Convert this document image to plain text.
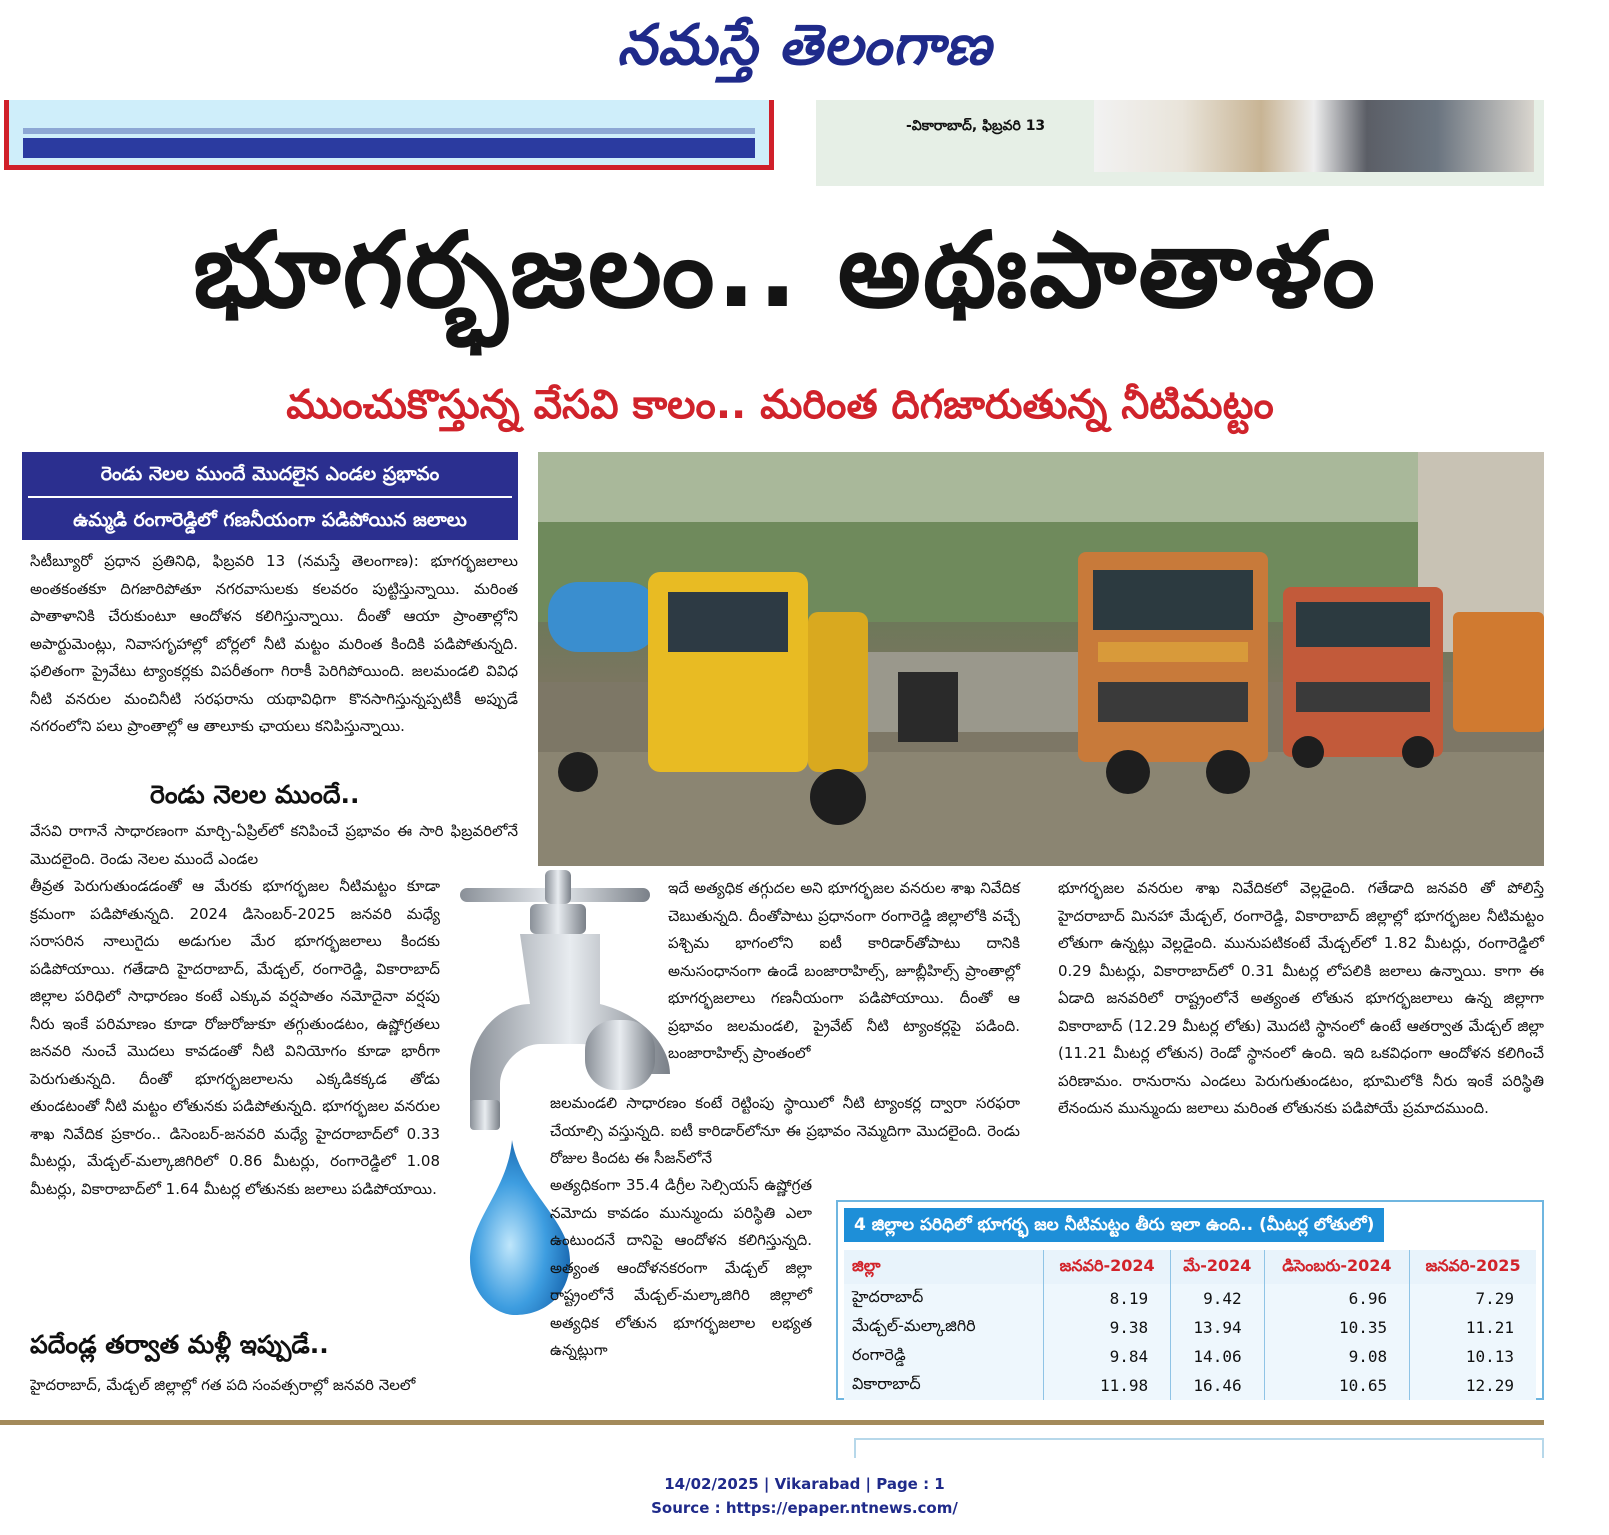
నమస్తే తెలంగాణ
-వికారాబాద్, ఫిబ్రవరి 13
భూగర్భజలం.. అథఃపాతాళం
ముంచుకొస్తున్న వేసవి కాలం.. మరింత దిగజారుతున్న నీటిమట్టం
రెండు నెలల ముందే మొదలైన ఎండల ప్రభావం
ఉమ్మడి రంగారెడ్డిలో గణనీయంగా పడిపోయిన జలాలు
సిటీబ్యూరో ప్రధాన ప్రతినిధి, ఫిబ్రవరి 13 (నమస్తే తెలంగాణ): భూగర్భజలాలు అంతకంతకూ దిగజారిపోతూ నగరవాసులకు కలవరం పుట్టిస్తున్నాయి. మరింత పాతాళానికి చేరుకుంటూ ఆందోళన కలిగిస్తున్నాయి. దీంతో ఆయా ప్రాంతాల్లోని అపార్టుమెంట్లు, నివాసగృహాల్లో బోర్లలో నీటి మట్టం మరింత కిందికి పడిపోతున్నది. ఫలితంగా ప్రైవేటు ట్యాంకర్లకు విపరీతంగా గిరాకీ పెరిగిపోయింది. జలమండలి వివిధ నీటి వనరుల మంచినీటి సరఫరాను యథావిధిగా కొనసాగిస్తున్నప్పటికీ అప్పుడే నగరంలోని పలు ప్రాంతాల్లో ఆ తాలూకు ఛాయలు కనిపిస్తున్నాయి.
రెండు నెలల ముందే..
వేసవి రాగానే సాధారణంగా మార్చి-ఏప్రిల్‌లో కనిపించే ప్రభావం ఈ సారి ఫిబ్రవరిలోనే మొదలైంది. రెండు నెలల ముందే ఎండల
తీవ్రత పెరుగుతుండడంతో ఆ మేరకు భూగర్భజల నీటిమట్టం కూడా క్రమంగా పడిపోతున్నది. 2024 డిసెంబర్-2025 జనవరి మధ్యే సరాసరిన నాలుగైదు అడుగుల మేర భూగర్భజలాలు కిందకు పడిపోయాయి. గతేడాది హైదరాబాద్, మేడ్చల్, రంగారెడ్డి, వికారాబాద్ జిల్లాల పరిధిలో సాధారణం కంటే ఎక్కువ వర్షపాతం నమోదైనా వర్షపు నీరు ఇంకే పరిమాణం కూడా రోజురోజుకూ తగ్గుతుండటం, ఉష్ణోగ్రతలు జనవరి నుంచే మొదలు కావడంతో నీటి వినియోగం కూడా భారీగా పెరుగుతున్నది. దీంతో భూగర్భజలాలను ఎక్కడికక్కడ తోడు తుండటంతో నీటి మట్టం లోతునకు పడిపోతున్నది. భూగర్భజల వనరుల శాఖ నివేదిక ప్రకారం.. డిసెంబర్-జనవరి మధ్యే హైదరాబాద్‌లో 0.33 మీటర్లు, మేడ్చల్-మల్కాజిగిరిలో 0.86 మీటర్లు, రంగారెడ్డిలో 1.08 మీటర్లు, వికారాబాద్‌లో 1.64 మీటర్ల లోతునకు జలాలు పడిపోయాయి.
పదేండ్ల తర్వాత మళ్లీ ఇప్పుడే..
హైదరాబాద్, మేడ్చల్ జిల్లాల్లో గత పది సంవత్సరాల్లో జనవరి నెలలో
ఇదే అత్యధిక తగ్గుదల అని భూగర్భజల వనరుల శాఖ నివేదిక చెబుతున్నది. దీంతోపాటు ప్రధానంగా రంగారెడ్డి జిల్లాలోకి వచ్చే పశ్చిమ భాగంలోని ఐటీ కారిడార్‌తోపాటు దానికి అనుసంధానంగా ఉండే బంజారాహిల్స్, జూబ్లీహిల్స్ ప్రాంతాల్లో భూగర్భజలాలు గణనీయంగా పడిపోయాయి. దీంతో ఆ ప్రభావం జలమండలి, ప్రైవేట్ నీటి ట్యాంకర్లపై పడింది. బంజారాహిల్స్ ప్రాంతంలో
జలమండలి సాధారణం కంటే రెట్టింపు స్థాయిలో నీటి ట్యాంకర్ల ద్వారా సరఫరా చేయాల్సి వస్తున్నది. ఐటీ కారిడార్‌లోనూ ఈ ప్రభావం నెమ్మదిగా మొదలైంది. రెండు రోజుల కిందట ఈ సీజన్‌లోనే
అత్యధికంగా 35.4 డిగ్రీల సెల్సియస్ ఉష్ణోగ్రత నమోదు కావడం మున్ముందు పరిస్థితి ఎలా ఉంటుందనే దానిపై ఆందోళన కలిగిస్తున్నది. అత్యంత ఆందోళనకరంగా మేడ్చల్ జిల్లా రాష్ట్రంలోనే మేడ్చల్-మల్కాజిగిరి జిల్లాలో అత్యధిక లోతున భూగర్భజలాల లభ్యత ఉన్నట్లుగా
భూగర్భజల వనరుల శాఖ నివేదికలో వెల్లడైంది. గతేడాది జనవరి తో పోలిస్తే హైదరాబాద్ మినహా మేడ్చల్, రంగారెడ్డి, వికారాబాద్ జిల్లాల్లో భూగర్భజల నీటిమట్టం లోతుగా ఉన్నట్లు వెల్లడైంది. మునుపటికంటే మేడ్చల్‌లో 1.82 మీటర్లు, రంగారెడ్డిలో 0.29 మీటర్లు, వికారాబాద్‌లో 0.31 మీటర్ల లోపలికి జలాలు ఉన్నాయి. కాగా ఈ ఏడాది జనవరిలో రాష్ట్రంలోనే అత్యంత లోతున భూగర్భజలాలు ఉన్న జిల్లాగా వికారాబాద్ (12.29 మీటర్ల లోతు) మొదటి స్థానంలో ఉంటే ఆతర్వాత మేడ్చల్ జిల్లా (11.21 మీటర్ల లోతున) రెండో స్థానంలో ఉంది. ఇది ఒకవిధంగా ఆందోళన కలిగించే పరిణామం. రానురాను ఎండలు పెరుగుతుండటం, భూమిలోకి నీరు ఇంకే పరిస్థితి లేనందున మున్ముందు జలాలు మరింత లోతునకు పడిపోయే ప్రమాదముంది.
4 జిల్లాల పరిధిలో భూగర్భ జల నీటిమట్టం తీరు ఇలా ఉంది.. (మీటర్ల లోతులో)
జిల్లా	జనవరి-2024	మే-2024	డిసెంబరు-2024	జనవరి-2025
హైదరాబాద్	8.19	9.42	6.96	7.29
మేడ్చల్-మల్కాజిగిరి	9.38	13.94	10.35	11.21
రంగారెడ్డి	9.84	14.06	9.08	10.13
వికారాబాద్	11.98	16.46	10.65	12.29
14/02/2025 | Vikarabad | Page : 1
Source : https://epaper.ntnews.com/
